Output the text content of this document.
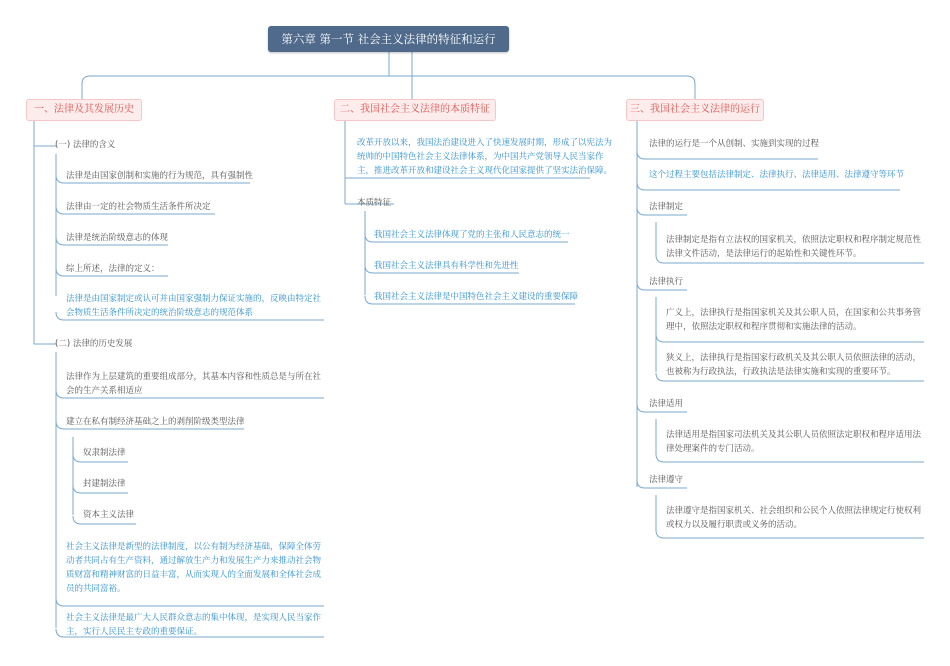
第六章 第一节 社会主义法律的特征和运行
一、法律及其发展历史	二、我国社会主义法律的本质特征	三、我国社会主义法律的运行
(一) 法律的含义
法律是由国家创制和实施的行为规范，具有强制性
法律由一定的社会物质生活条件所决定
法律是统治阶级意志的体现
综上所述，法律的定义：
法律是由国家制定或认可并由国家强制力保证实施的，反映由特定社会物质生活条件所决定的统治阶级意志的规范体系
(二) 法律的历史发展
法律作为上层建筑的重要组成部分，其基本内容和性质总是与所在社会的生产关系相适应
建立在私有制经济基础之上的剥削阶级类型法律
奴隶制法律
封建制法律
资本主义法律
社会主义法律是新型的法律制度，以公有制为经济基础，保障全体劳动者共同占有生产资料，通过解放生产力和发展生产力来推动社会物质财富和精神财富的日益丰富，从而实现人的全面发展和全体社会成员的共同富裕。
社会主义法律是最广大人民群众意志的集中体现，是实现人民当家作主，实行人民民主专政的重要保证。
改革开放以来，我国法治建设进入了快速发展时期，形成了以宪法为统帅的中国特色社会主义法律体系，为中国共产党领导人民当家作主，推进改革开放和建设社会主义现代化国家提供了坚实法治保障。
本质特征
我国社会主义法律体现了党的主张和人民意志的统一
我国社会主义法律具有科学性和先进性
我国社会主义法律是中国特色社会主义建设的重要保障
法律的运行是一个从创制、实施到实现的过程
这个过程主要包括法律制定、法律执行、法律适用、法律遵守等环节
法律制定
法律制定是指有立法权的国家机关，依照法定职权和程序制定规范性法律文件活动，是法律运行的起始性和关键性环节。
法律执行
广义上，法律执行是指国家机关及其公职人员，在国家和公共事务管理中，依照法定职权和程序贯彻和实施法律的活动。
狭义上，法律执行是指国家行政机关及其公职人员依照法律的活动，也被称为行政执法，行政执法是法律实施和实现的重要环节。
法律适用
法律适用是指国家司法机关及其公职人员依照法定职权和程序适用法律处理案件的专门活动。
法律遵守
法律遵守是指国家机关、社会组织和公民个人依照法律规定行使权利或权力以及履行职责或义务的活动。
